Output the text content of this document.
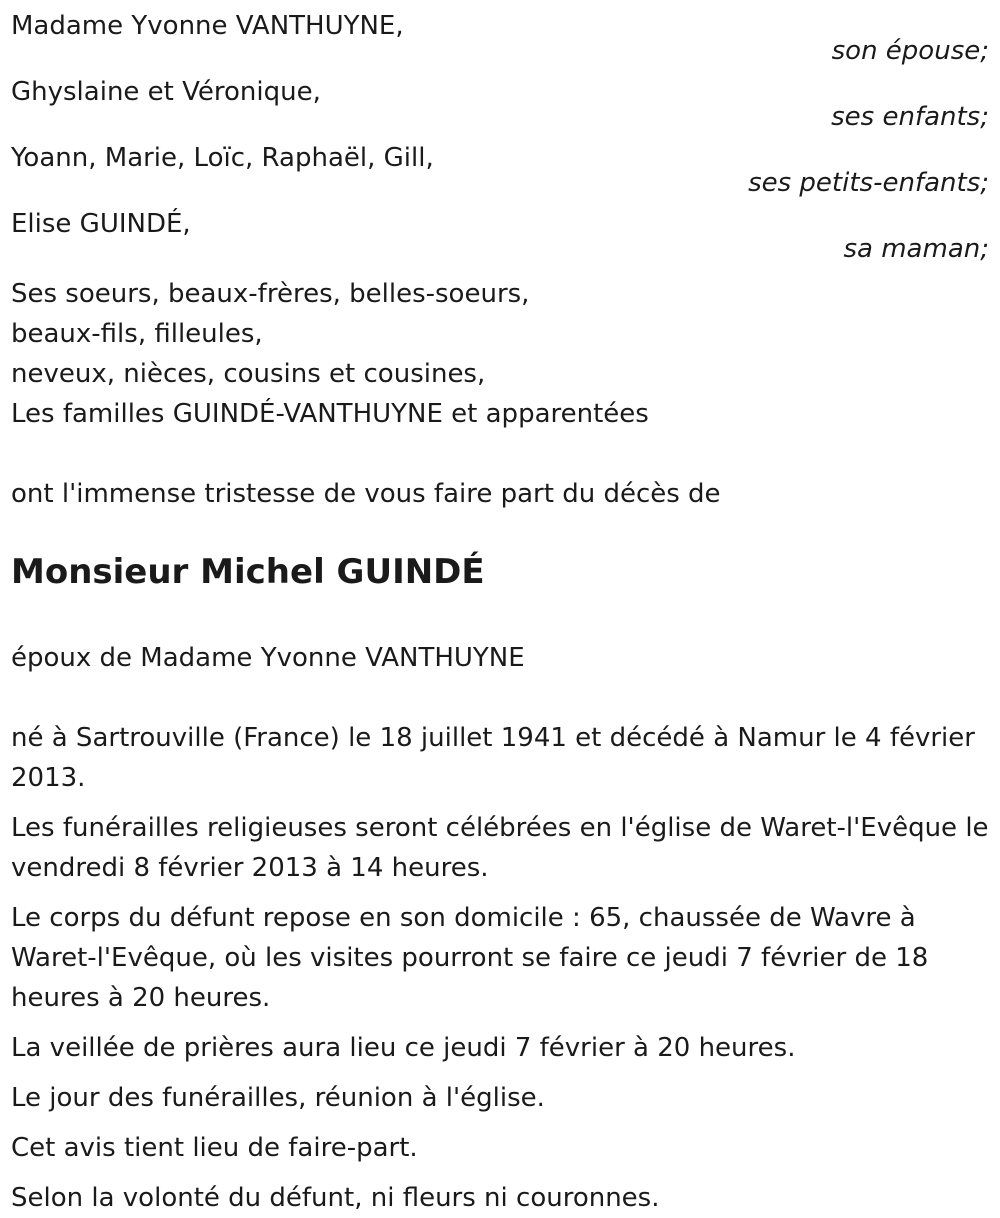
Madame Yvonne VANTHUYNE,
son épouse;
Ghyslaine et Véronique,
ses enfants;
Yoann, Marie, Loïc, Raphaël, Gill,
ses petits-enfants;
Elise GUINDÉ,
sa maman;
Ses soeurs, beaux-frères, belles-soeurs,
beaux-fils, filleules,
neveux, nièces, cousins et cousines,
Les familles GUINDÉ-VANTHUYNE et apparentées
ont l'immense tristesse de vous faire part du décès de
Monsieur Michel GUINDÉ
époux de Madame Yvonne VANTHUYNE
né à Sartrouville (France) le 18 juillet 1941 et décédé à Namur le 4 février 2013.
Les funérailles religieuses seront célébrées en l'église de Waret-l'Evêque le vendredi 8 février 2013 à 14 heures.
Le corps du défunt repose en son domicile : 65, chaussée de Wavre à Waret-l'Evêque, où les visites pourront se faire ce jeudi 7 février de 18 heures à 20 heures.
La veillée de prières aura lieu ce jeudi 7 février à 20 heures.
Le jour des funérailles, réunion à l'église.
Cet avis tient lieu de faire-part.
Selon la volonté du défunt, ni fleurs ni couronnes.
